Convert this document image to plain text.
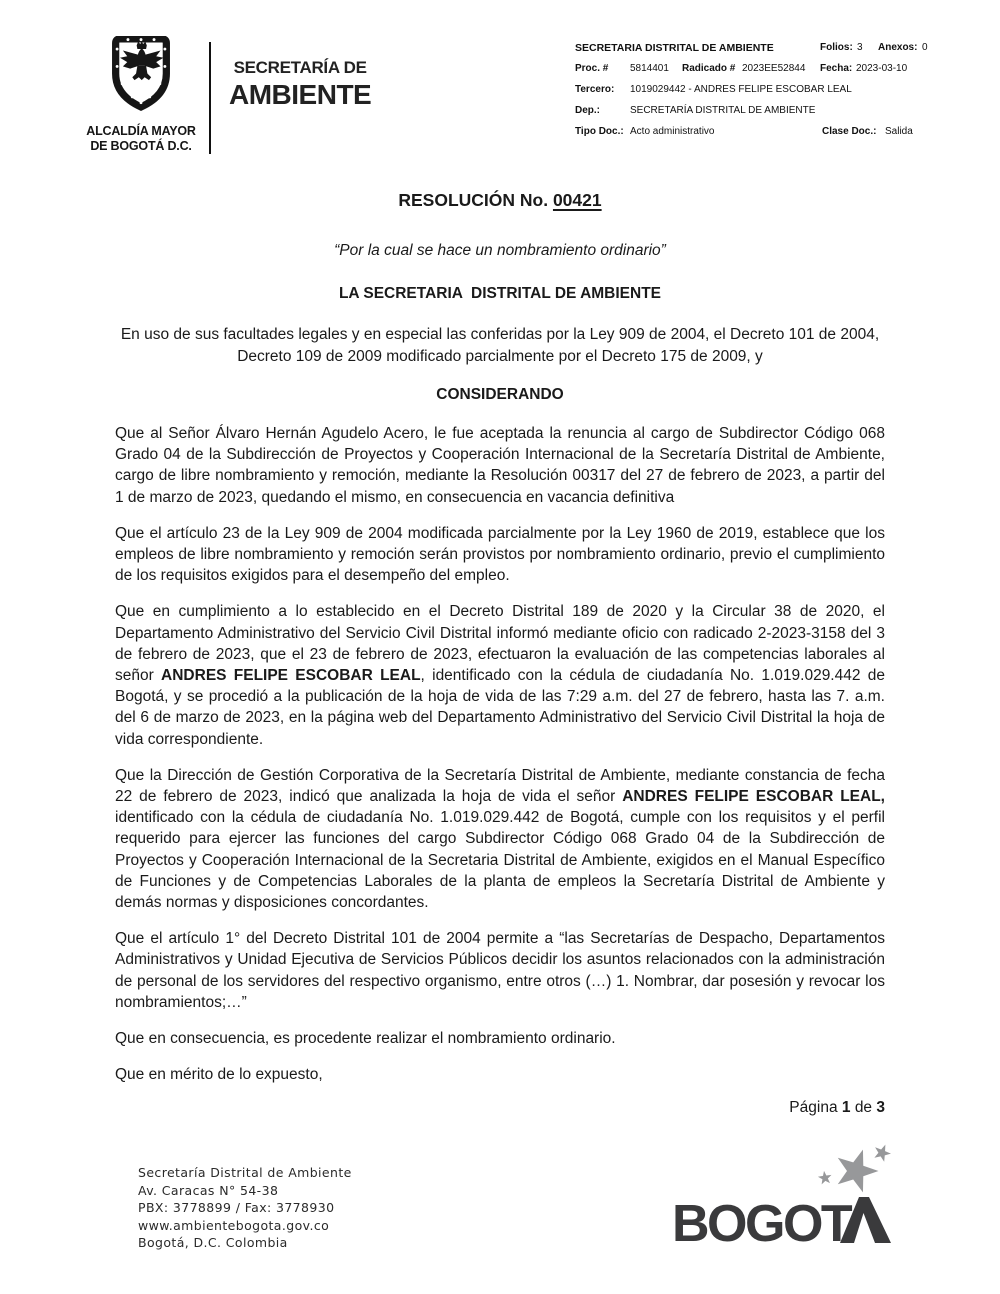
ALCALDÍA MAYOR
DE BOGOTÁ D.C.
SECRETARÍA DE
AMBIENTE
SECRETARIA DISTRITAL DE AMBIENTE	Folios: 3 Anexos: 0
Proc. # 5814401 Radicado # 2023EE52844 Fecha: 2023-03-10
Tercero: 1019029442 - ANDRES FELIPE ESCOBAR LEAL
Dep.:	SECRETARÍA DISTRITAL DE AMBIENTE
Tipo Doc.: Acto administrativo	Clase Doc.: Salida
RESOLUCIÓN No. 00421

“Por la cual se hace un nombramiento ordinario”

LA SECRETARIA  DISTRITAL DE AMBIENTE

En uso de sus facultades legales y en especial las conferidas por la Ley 909 de 2004, el Decreto 101 de 2004, Decreto 109 de 2009 modificado parcialmente por el Decreto 175 de 2009, y

CONSIDERANDO

Que al Señor Álvaro Hernán Agudelo Acero, le fue aceptada la renuncia al cargo de Subdirector Código 068 Grado 04 de la Subdirección de Proyectos y Cooperación Internacional de la Secretaría Distrital de Ambiente, cargo de libre nombramiento y remoción, mediante la Resolución 00317 del 27 de febrero de 2023, a partir del 1 de marzo de 2023, quedando el mismo, en consecuencia en vacancia definitiva

Que el artículo 23 de la Ley 909 de 2004 modificada parcialmente por la Ley 1960 de 2019, establece que los empleos de libre nombramiento y remoción serán provistos por nombramiento ordinario, previo el cumplimiento de los requisitos exigidos para el desempeño del empleo.

Que en cumplimiento a lo establecido en el Decreto Distrital 189 de 2020 y la Circular 38 de 2020, el Departamento Administrativo del Servicio Civil Distrital informó mediante oficio con radicado 2-2023-3158 del 3 de febrero de 2023, que el 23 de febrero de 2023, efectuaron la evaluación de las competencias laborales al señor ANDRES FELIPE ESCOBAR LEAL, identificado con la cédula de ciudadanía No. 1.019.029.442 de Bogotá, y se procedió a la publicación de la hoja de vida de las 7:29 a.m. del 27 de febrero, hasta las 7. a.m. del 6 de marzo de 2023, en la página web del Departamento Administrativo del Servicio Civil Distrital la hoja de vida correspondiente.

Que la Dirección de Gestión Corporativa de la Secretaría Distrital de Ambiente, mediante constancia de fecha 22 de febrero de 2023, indicó que analizada la hoja de vida el señor ANDRES FELIPE ESCOBAR LEAL, identificado con la cédula de ciudadanía No. 1.019.029.442 de Bogotá, cumple con los requisitos y el perfil requerido para ejercer las funciones del cargo Subdirector Código 068 Grado 04 de la Subdirección de Proyectos y Cooperación Internacional de la Secretaria Distrital de Ambiente, exigidos en el Manual Específico de Funciones y de Competencias Laborales de la planta de empleos la Secretaría Distrital de Ambiente y demás normas y disposiciones concordantes.

Que el artículo 1° del Decreto Distrital 101 de 2004 permite a “las Secretarías de Despacho, Departamentos Administrativos y Unidad Ejecutiva de Servicios Públicos decidir los asuntos relacionados con la administración de personal de los servidores del respectivo organismo, entre otros (…) 1. Nombrar, dar posesión y revocar los nombramientos;…”

Que en consecuencia, es procedente realizar el nombramiento ordinario.

Que en mérito de lo expuesto,

Página 1 de 3
Secretaría Distrital de Ambiente
Av. Caracas N° 54-38
PBX: 3778899 / Fax: 3778930
www.ambientebogota.gov.co
Bogotá, D.C. Colombia	BOGOT
